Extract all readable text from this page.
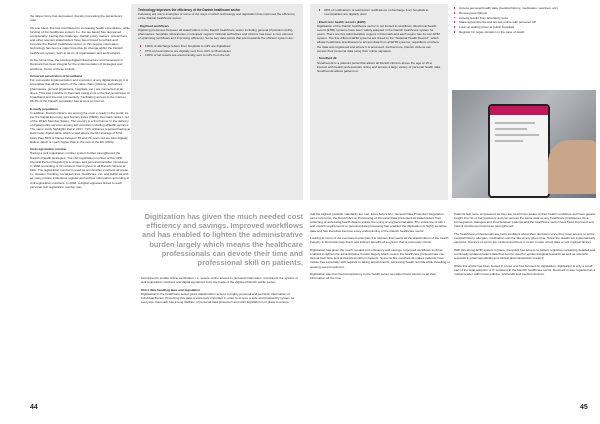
the labour force has decreased, thereby increasing the dependency ratio.

On one hand, this has contributed to increasing health expenditure, while funding of the healthcare system (i.e. the tax basis) has decreased considerably. Facing this challenge, Danish policy makers, researchers and other relevant stakeholders have been forced to rethink and innovate the Danish healthcare sector. In this regard, information technology has been a major incentive for change within the Danish healthcare system, both in terms of organisation and technologies.

At the same time, the existing digital infrastructure and framework in Denmark has been integral for the implementation of strategies and solutions. Some of these include:

Universal penetration of broadband
For successful implementation and execution of any digital strategy, it is imperative that all the actors of the value chain (citizens, authorities, pharmacies, general physicians, hospitals, etc.) are connected at all times. This was possible in Denmark owing to its universal penetration of broadband and Internet connectivity. Facilitating access to the internet, 96.3% of the Danish population has access to internet.
E-ready population
In addition, Danish citizens are among the most e-ready in the world. As per the Digital Economy and Society Index (DESI), Denmark ranks 1 out of the 28 EU Member States. The country is a frontrunner in the delivery of digital public services among EU countries including eHealth services. The same study highlights that in 2017, 71% of Danes reported having at least basic digital skills, which is well above the EU average of 57%. More than 56% of Danes between 55 and 74 years old are also digitally skilled, which is much higher than in the rest of the EU (36%).
Civil registration number
Having a civil registration number system further strengthened the Danish eHealth strategies. The civil registration number or the CPR (Central Person Register) is a unique and personal identifier introduced in 1968 consisting of 10 numbers that is given to all Danish citizens at birth. The registration number is used as an identifier in almost all areas, i.e. taxation, banking, social services, healthcare, etc. and public as well as many private institutions register and archive information according to civil registration numbers. In 2003, a digital signature linked to each personal civil registration number was
Technology improves the efficiency of the Danish healthcare sector

Following are some examples of some of the ways in which technology and digitisation has improved the efficiency of the Danish healthcare sector:

· Digitised workflows

Digitising processes between all stakeholders in the Danish healthcare sector including general physicians (GPs), pharmacies, hospitals, laboratories, municipals' regions' national authorities and citizens has been a core element of optimising workflows and improving efficiency. Some key data points that point towards the efficient system are:

100% of discharge letters from hospitals to GPs are digitalised
97% of prescriptions are digitally sent from GPs to Pharmacies
100% of lab results are electronically sent to GPs from the lab
Digitization has given the much needed cost efficiency and savings. Improved workflows and has enabled to lighten the administrative burden largely which means the healthcare professionals can devote their time and professional skill on patients.

introduced to enable online verification, i.e. secure online access to personal information. Combined, the system of civil registration numbers and digital signatures form the basis of the digitised Danish public sector.

Strict data handling laws and legislation
Digitisation in the healthcare sector gives stakeholders access to highly personal and sensitive information of individual Danes. Protecting this data is extremely important in order to ensure a safe and trustworthy system for everyone. Denmark has a long tradition of personal data protection and strict legislation is in place to ensure
98% of notifications of admission/ notifications of discharge from hospitals to municipalities are digitally done
· Electronic health records (EHR)

Digitisation of the Danish healthcare sector is not limited to workflows. Electronic health record (EHR) systems have been widely adopted in the Danish healthcare system for years. There are five administrative regions in Denmark and each region has its own EHR system. The five different EHR systems are linked to the "National Health Record", which allows healthcare practitioners to access data from all EHR systems, regardless of where the data was registered and where it is accessed. Furthermore, Danish citizens can access their personal data using their online signature.

· Sundhed.dk

Sundhed.dk is a patients portal that allows all Danish citizens above the age of 15 to interact with health professionals online and access a large variety of personal health data. Sundhed.dk allows patients to:

that the highest possible standards are met. Even before EU- General Data Protection Regulation came into force, the Danish Act on Processing of Personal Data prevented all stakeholders from collecting or accessing health data to violate the using of any personal data. The existence of strict and explicit requirements to personal data processing has enabled the digitisation of highly sensitive data and has therefore become a key underpinning of the Danish healthcare sector.

Looking at some of the mentioned examples it is obvious that nearly all the stakeholders of the health industry in Denmark reap direct and indirect benefits of a system that is extremely robust.

Digitisation has given the much needed cost efficiency and savings. Improved workflows and has enabled to lighten the administrative burden largely which means the healthcare professionals can devote their time and professional skill on patients. Systems like sundhed.dk makes patients' lives hassle free especially with regards to taking appointments, accessing health records while travelling or seeking second opinions.

Digitization also has had transparency in the health sector as patient have access to all their information all the time.

Access personal health data (medical history, medication, vaccines, etc.)
Renew prescriptions
Access results from laboratory tests
Make appointments and access online with personal GP
Look up waiting times at public hospitals
Register for organ donation in the case of death

Patients feel more empowered as they are at all times aware of their health conditions and have greater insight into his or her treatment and can access the same data as any healthcare practitioner. As a consequence, dialogue and trust between patients and the healthcare sector have been improved and patient involvement has been strengthened.

The healthcare professionals are more confident about their decisions since they have access to entire medical history, allergies, medication and the like at any given time. Since the details are systematically captured, chances of errors are minimal and there is never a case of lost data or lost medical history.

With this strong EHR system in place, Denmark has access to patient registries containing detailed and continually updated patient data that can be used for epidemiological research as well as scientific research in pharmaceuticals and clinical pharmaceutical research.

While this article has been limited in scope and has focused on digitisation, digitisation is only a small part of the wide adoption of IT solutions in the Danish healthcare sector. Denmark is also regarded as a market leader within telemedicine, telehealth and medical devices.

44	45
